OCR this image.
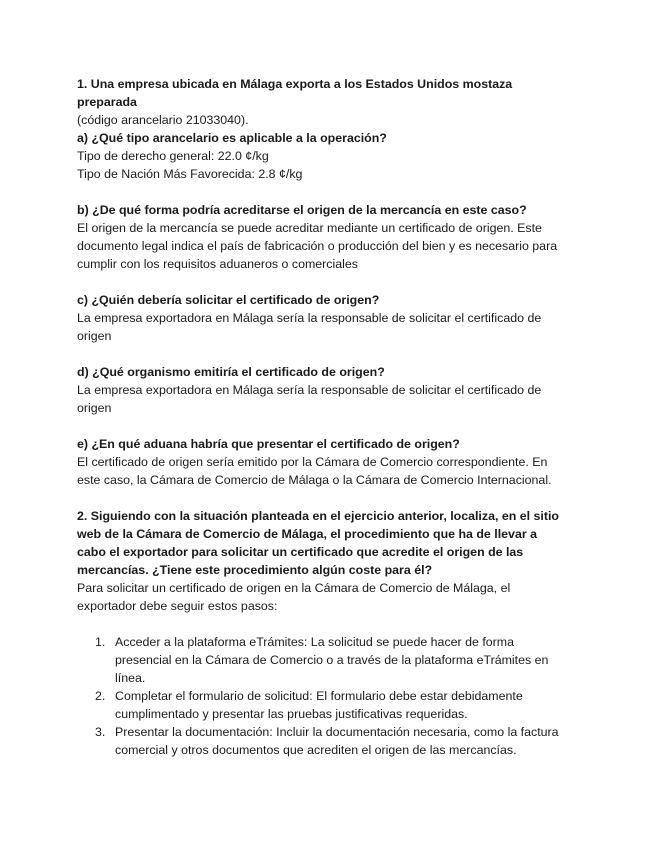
1. Una empresa ubicada en Málaga exporta a los Estados Unidos mostaza
preparada
(código arancelario 21033040).
a) ¿Qué tipo arancelario es aplicable a la operación?
Tipo de derecho general: 22.0 ¢/kg
Tipo de Nación Más Favorecida: 2.8 ¢/kg
b) ¿De qué forma podría acreditarse el origen de la mercancía en este caso?
El origen de la mercancía se puede acreditar mediante un certificado de origen. Este
documento legal indica el país de fabricación o producción del bien y es necesario para
cumplir con los requisitos aduaneros o comerciales
c) ¿Quién debería solicitar el certificado de origen?
La empresa exportadora en Málaga sería la responsable de solicitar el certificado de
origen
d) ¿Qué organismo emitiría el certificado de origen?
La empresa exportadora en Málaga sería la responsable de solicitar el certificado de
origen
e) ¿En qué aduana habría que presentar el certificado de origen?
El certificado de origen sería emitido por la Cámara de Comercio correspondiente. En
este caso, la Cámara de Comercio de Málaga o la Cámara de Comercio Internacional.
2. Siguiendo con la situación planteada en el ejercicio anterior, localiza, en el sitio
web de la Cámara de Comercio de Málaga, el procedimiento que ha de llevar a
cabo el exportador para solicitar un certificado que acredite el origen de las
mercancías. ¿Tiene este procedimiento algún coste para él?
Para solicitar un certificado de origen en la Cámara de Comercio de Málaga, el
exportador debe seguir estos pasos:
1. Acceder a la plataforma eTrámites: La solicitud se puede hacer de forma
presencial en la Cámara de Comercio o a través de la plataforma eTrámites en
línea.
2. Completar el formulario de solicitud: El formulario debe estar debidamente
cumplimentado y presentar las pruebas justificativas requeridas.
3. Presentar la documentación: Incluir la documentación necesaria, como la factura
comercial y otros documentos que acrediten el origen de las mercancías.
